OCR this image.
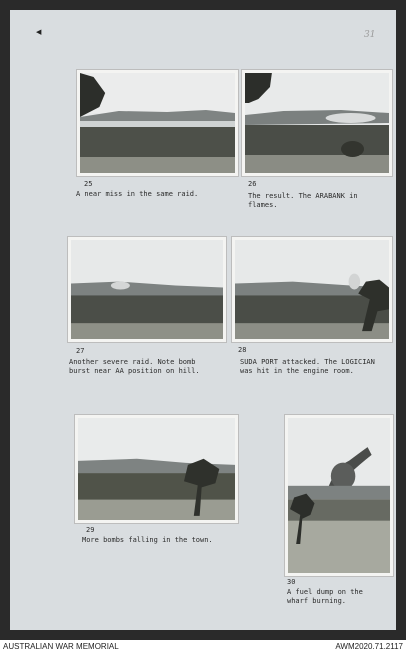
◀	31
25
A near miss in the same raid.
26
The result. The ARABANK in
flames.
27
Another severe raid. Note bomb
burst near AA position on hill.
28
SUDA PORT attacked. The LOGICIAN
was hit in the engine room.
29
More bombs falling in the town.
30
A fuel dump on the
wharf burning.
AUSTRALIAN WAR MEMORIAL	AWM2020.71.2117
